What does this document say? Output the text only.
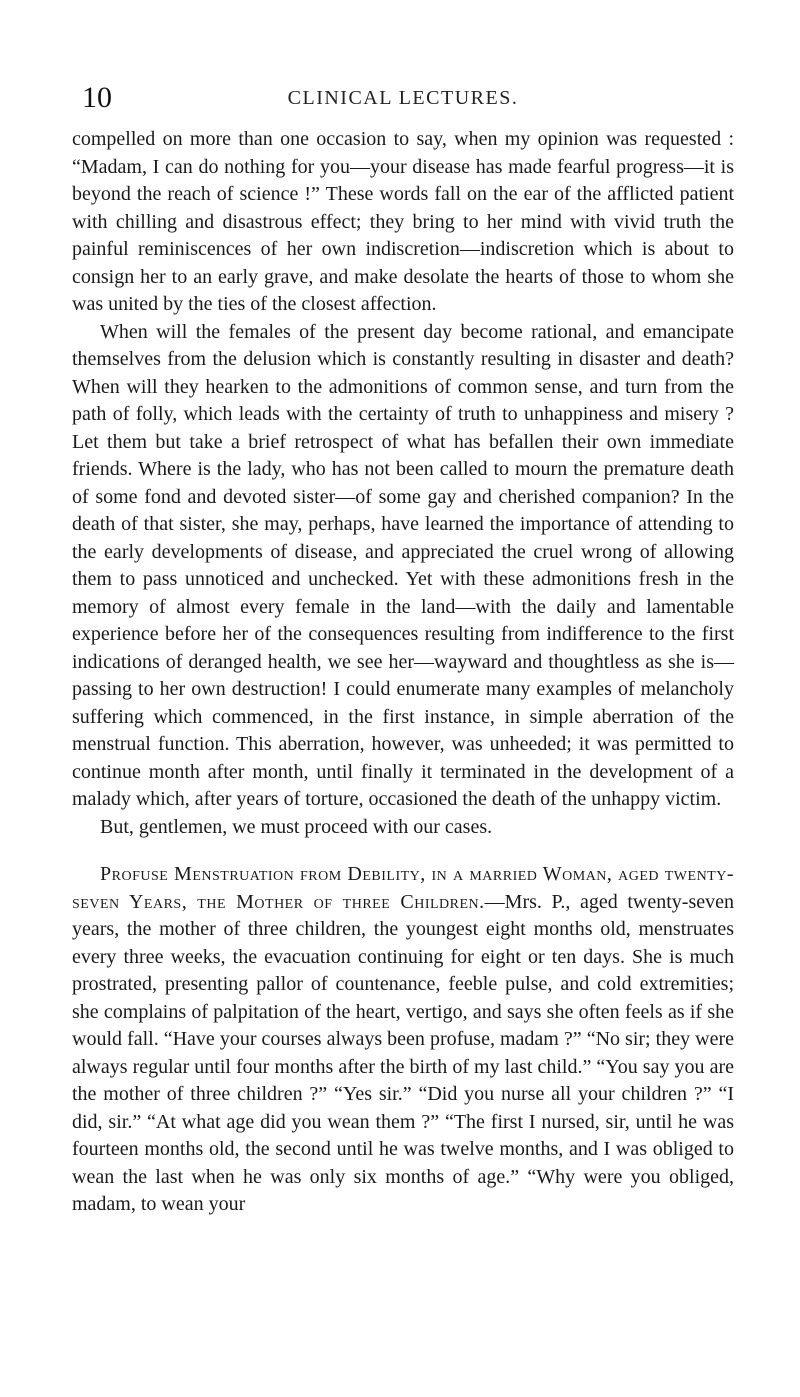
10	CLINICAL LECTURES.

compelled on more than one occasion to say, when my opinion was requested : “Madam, I can do nothing for you—your disease has made fearful progress—it is beyond the reach of science !” These words fall on the ear of the afflicted patient with chilling and disastrous effect; they bring to her mind with vivid truth the painful reminiscences of her own indiscretion—indiscretion which is about to consign her to an early grave, and make desolate the hearts of those to whom she was united by the ties of the closest affection.

When will the females of the present day become rational, and emancipate themselves from the delusion which is constantly resulting in disaster and death? When will they hearken to the admonitions of common sense, and turn from the path of folly, which leads with the certainty of truth to unhappiness and misery ? Let them but take a brief retrospect of what has befallen their own immediate friends. Where is the lady, who has not been called to mourn the premature death of some fond and devoted sister—of some gay and cherished companion? In the death of that sister, she may, perhaps, have learned the importance of attending to the early developments of disease, and appreciated the cruel wrong of allowing them to pass unnoticed and unchecked. Yet with these admonitions fresh in the memory of almost every female in the land—with the daily and lamentable experience before her of the consequences resulting from indifference to the first indications of deranged health, we see her—wayward and thoughtless as she is—passing to her own destruction! I could enumerate many examples of melancholy suffering which commenced, in the first instance, in simple aberration of the menstrual function. This aberration, however, was unheeded; it was permitted to continue month after month, until finally it terminated in the development of a malady which, after years of torture, occasioned the death of the unhappy victim.

But, gentlemen, we must proceed with our cases.

Profuse Menstruation from Debility, in a married Woman, aged twenty-seven Years, the Mother of three Children.—Mrs. P., aged twenty-seven years, the mother of three children, the youngest eight months old, menstruates every three weeks, the evacuation continuing for eight or ten days. She is much prostrated, presenting pallor of countenance, feeble pulse, and cold extremities; she complains of palpitation of the heart, vertigo, and says she often feels as if she would fall. “Have your courses always been profuse, madam ?” “No sir; they were always regular until four months after the birth of my last child.” “You say you are the mother of three children ?” “Yes sir.” “Did you nurse all your children ?” “I did, sir.” “At what age did you wean them ?” “The first I nursed, sir, until he was fourteen months old, the second until he was twelve months, and I was obliged to wean the last when he was only six months of age.” “Why were you obliged, madam, to wean your
